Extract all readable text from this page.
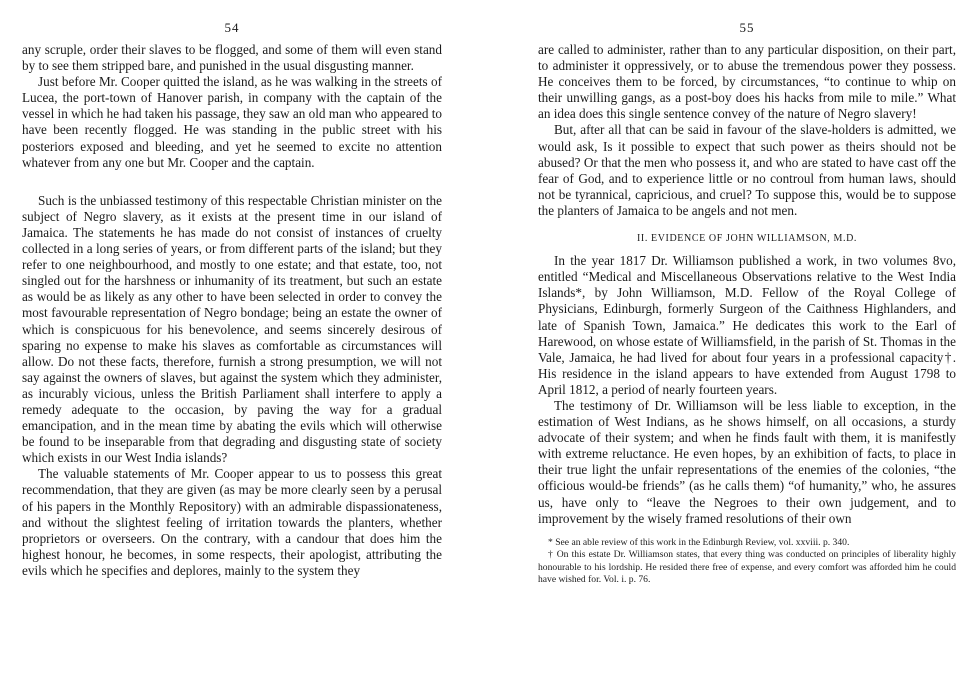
54

any scruple, order their slaves to be flogged, and some of them will even stand by to see them stripped bare, and punished in the usual disgusting manner.

Just before Mr. Cooper quitted the island, as he was walking in the streets of Lucea, the port-town of Hanover parish, in company with the captain of the vessel in which he had taken his passage, they saw an old man who appeared to have been recently flogged. He was standing in the public street with his posteriors exposed and bleeding, and yet he seemed to excite no attention whatever from any one but Mr. Cooper and the captain.

Such is the unbiassed testimony of this respectable Christian minister on the subject of Negro slavery, as it exists at the present time in our island of Jamaica. The statements he has made do not consist of instances of cruelty collected in a long series of years, or from different parts of the island; but they refer to one neighbourhood, and mostly to one estate; and that estate, too, not singled out for the harshness or inhumanity of its treatment, but such an estate as would be as likely as any other to have been selected in order to convey the most favourable representation of Negro bondage; being an estate the owner of which is conspicuous for his benevolence, and seems sincerely desirous of sparing no expense to make his slaves as comfortable as circumstances will allow. Do not these facts, therefore, furnish a strong presumption, we will not say against the owners of slaves, but against the system which they administer, as incurably vicious, unless the British Parliament shall interfere to apply a remedy adequate to the occasion, by paving the way for a gradual emancipation, and in the mean time by abating the evils which will otherwise be found to be inseparable from that degrading and disgusting state of society which exists in our West India islands?

The valuable statements of Mr. Cooper appear to us to possess this great recommendation, that they are given (as may be more clearly seen by a perusal of his papers in the Monthly Repository) with an admirable dispassionateness, and without the slightest feeling of irritation towards the planters, whether proprietors or overseers. On the contrary, with a candour that does him the highest honour, he becomes, in some respects, their apologist, attributing the evils which he specifies and deplores, mainly to the system they

55

are called to administer, rather than to any particular disposition, on their part, to administer it oppressively, or to abuse the tremendous power they possess. He conceives them to be forced, by circumstances, “to continue to whip on their unwilling gangs, as a post-boy does his hacks from mile to mile.” What an idea does this single sentence convey of the nature of Negro slavery!

But, after all that can be said in favour of the slave-holders is admitted, we would ask, Is it possible to expect that such power as theirs should not be abused? Or that the men who possess it, and who are stated to have cast off the fear of God, and to experience little or no controul from human laws, should not be tyrannical, capricious, and cruel? To suppose this, would be to suppose the planters of Jamaica to be angels and not men.

II. EVIDENCE OF JOHN WILLIAMSON, M.D.

In the year 1817 Dr. Williamson published a work, in two volumes 8vo, entitled “Medical and Miscellaneous Observations relative to the West India Islands*, by John Williamson, M.D. Fellow of the Royal College of Physicians, Edinburgh, formerly Surgeon of the Caithness Highlanders, and late of Spanish Town, Jamaica.” He dedicates this work to the Earl of Harewood, on whose estate of Williamsfield, in the parish of St. Thomas in the Vale, Jamaica, he had lived for about four years in a professional capacity†. His residence in the island appears to have extended from August 1798 to April 1812, a period of nearly fourteen years.

The testimony of Dr. Williamson will be less liable to exception, in the estimation of West Indians, as he shows himself, on all occasions, a sturdy advocate of their system; and when he finds fault with them, it is manifestly with extreme reluctance. He even hopes, by an exhibition of facts, to place in their true light the unfair representations of the enemies of the colonies, “the officious would-be friends” (as he calls them) “of humanity,” who, he assures us, have only to “leave the Negroes to their own judgement, and to improvement by the wisely framed resolutions of their own

* See an able review of this work in the Edinburgh Review, vol. xxviii. p. 340.

† On this estate Dr. Williamson states, that every thing was conducted on principles of liberality highly honourable to his lordship. He resided there free of expense, and every comfort was afforded him he could have wished for. Vol. i. p. 76.
